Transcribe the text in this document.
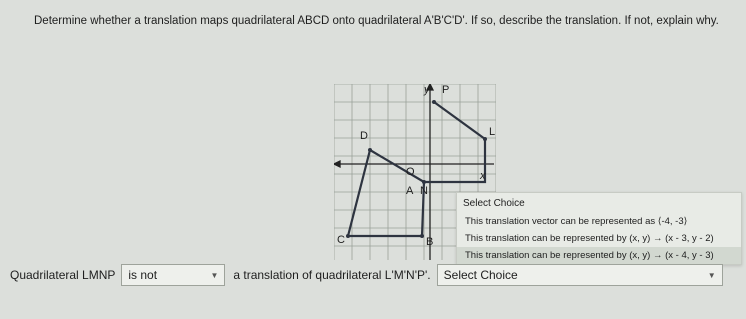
Determine whether a translation maps quadrilateral ABCD onto quadrilateral A'B'C'D'. If so, describe the translation. If not, explain why.
y
x
P
L
D
O
A N
C	B
Select Choice
This translation vector can be represented as ⟨-4, -3⟩
This translation can be represented by (x, y) → (x - 3, y - 2)
This translation can be represented by (x, y) → (x - 4, y - 3)
Quadrilateral LMNP is not	▼ a translation of quadrilateral L'M'N'P'. Select Choice	▼
